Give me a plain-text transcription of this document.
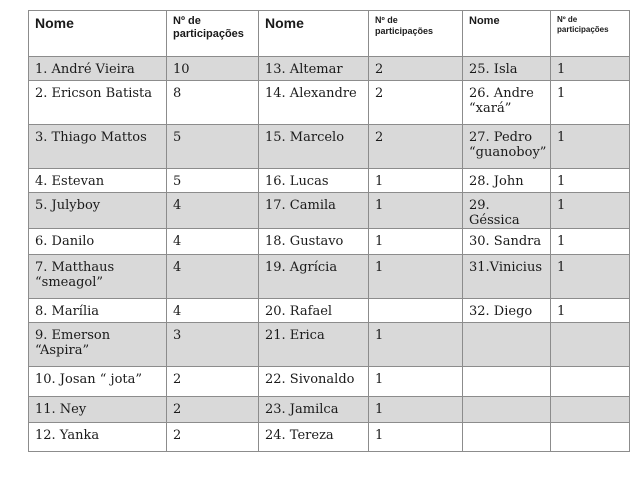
Nome	Nº de participações	Nome	Nº de participações	Nome	Nº de participações
1. André Vieira	10	13. Altemar	2	25. Isla	1
2. Ericson Batista	8	14. Alexandre	2	26. Andre “xará”	1
3. Thiago Mattos	5	15. Marcelo	2	27. Pedro “guanoboy”	1
4. Estevan	5	16. Lucas	1	28. John	1
5. Julyboy	4	17. Camila	1	29. Géssica	1
6. Danilo	4	18. Gustavo	1	30. Sandra	1
7. Matthaus “smeagol”	4	19. Agrícia	1	31.Vinicius	1
8. Marília	4	20. Rafael		32. Diego	1
9. Emerson “Aspira”	3	21. Erica	1		
10. Josan “ jota”	2	22. Sivonaldo	1		
11. Ney	2	23. Jamilca	1		
12. Yanka	2	24. Tereza	1		
